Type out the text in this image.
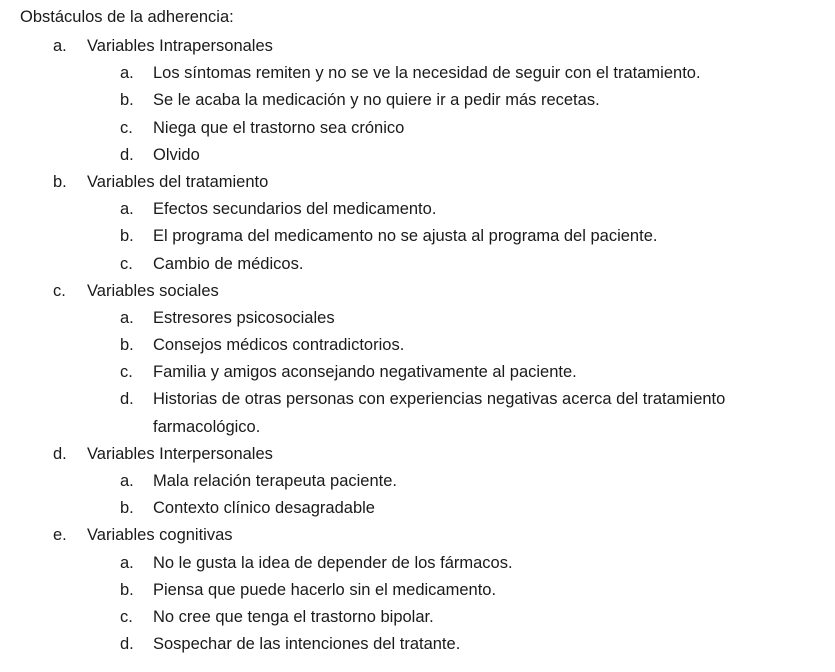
Obstáculos de la adherencia:
a.	Variables Intrapersonales
a.	Los síntomas remiten y no se ve la necesidad de seguir con el tratamiento.
b.	Se le acaba la medicación y no quiere ir a pedir más recetas.
c.	Niega que el trastorno sea crónico
d.	Olvido
b.	Variables del tratamiento
a.	Efectos secundarios del medicamento.
b.	El programa del medicamento no se ajusta al programa del paciente.
c.	Cambio de médicos.
c.	Variables sociales
a.	Estresores psicosociales
b.	Consejos médicos contradictorios.
c.	Familia y amigos aconsejando negativamente al paciente.
d.	Historias de otras personas con experiencias negativas acerca del tratamiento farmacológico.
d.	Variables Interpersonales
a.	Mala relación terapeuta paciente.
b.	Contexto clínico desagradable
e.	Variables cognitivas
a.	No le gusta la idea de depender de los fármacos.
b.	Piensa que puede hacerlo sin el medicamento.
c.	No cree que tenga el trastorno bipolar.
d.	Sospechar de las intenciones del tratante.
